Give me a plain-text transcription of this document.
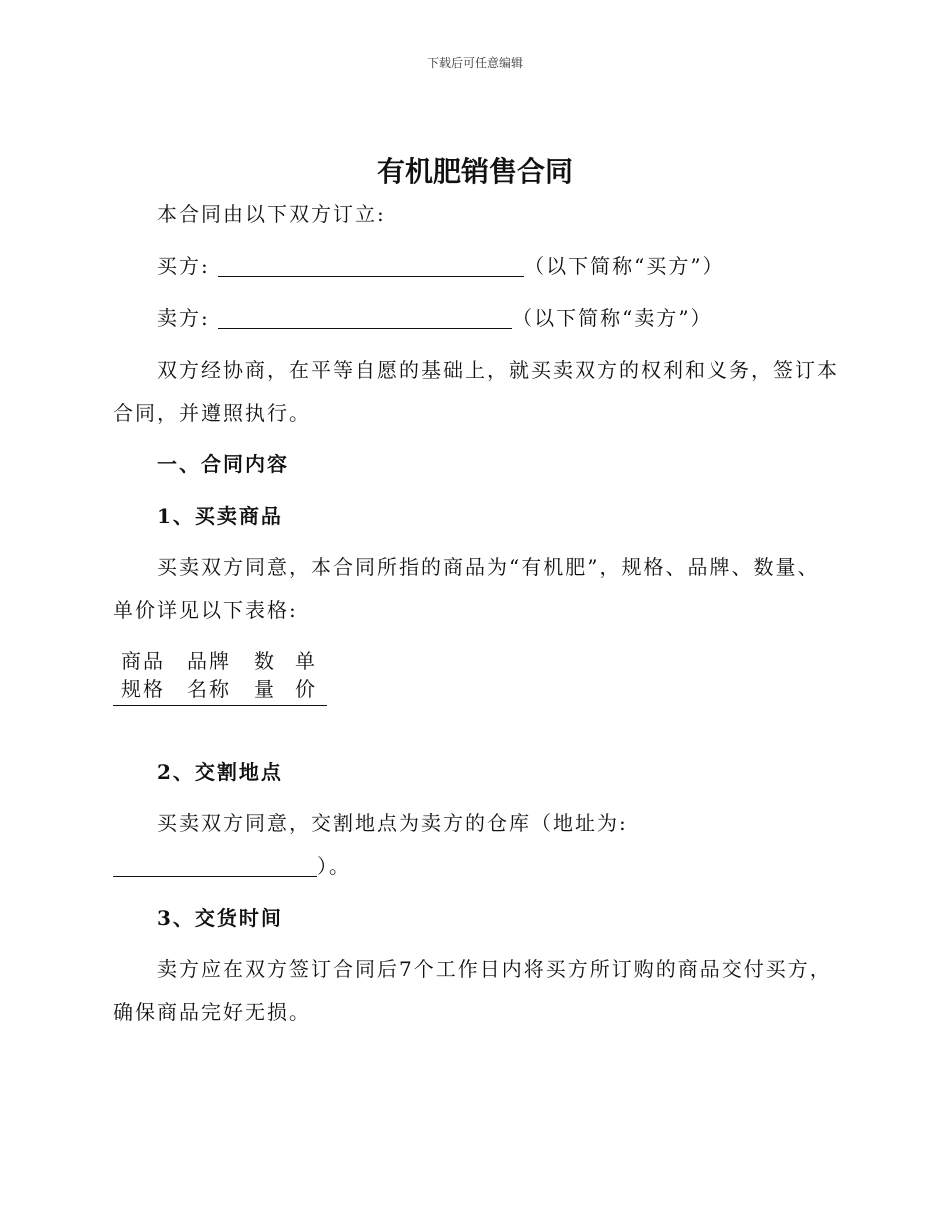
下载后可任意编辑
有机肥销售合同
本合同由以下双方订立:
买方:	（以下简称“买方”）
卖方:	（以下简称“卖方”）
双方经协商，在平等自愿的基础上，就买卖双方的权利和义务，签订本
合同，并遵照执行。
一、合同内容
1、买卖商品
买卖双方同意，本合同所指的商品为“有机肥”，规格、品牌、数量、
单价详见以下表格:
商品
规格
品牌
名称
数
量
单
价
2、交割地点
买卖双方同意，交割地点为卖方的仓库（地址为:
）。
3、交货时间
卖方应在双方签订合同后7个工作日内将买方所订购的商品交付买方，
确保商品完好无损。
